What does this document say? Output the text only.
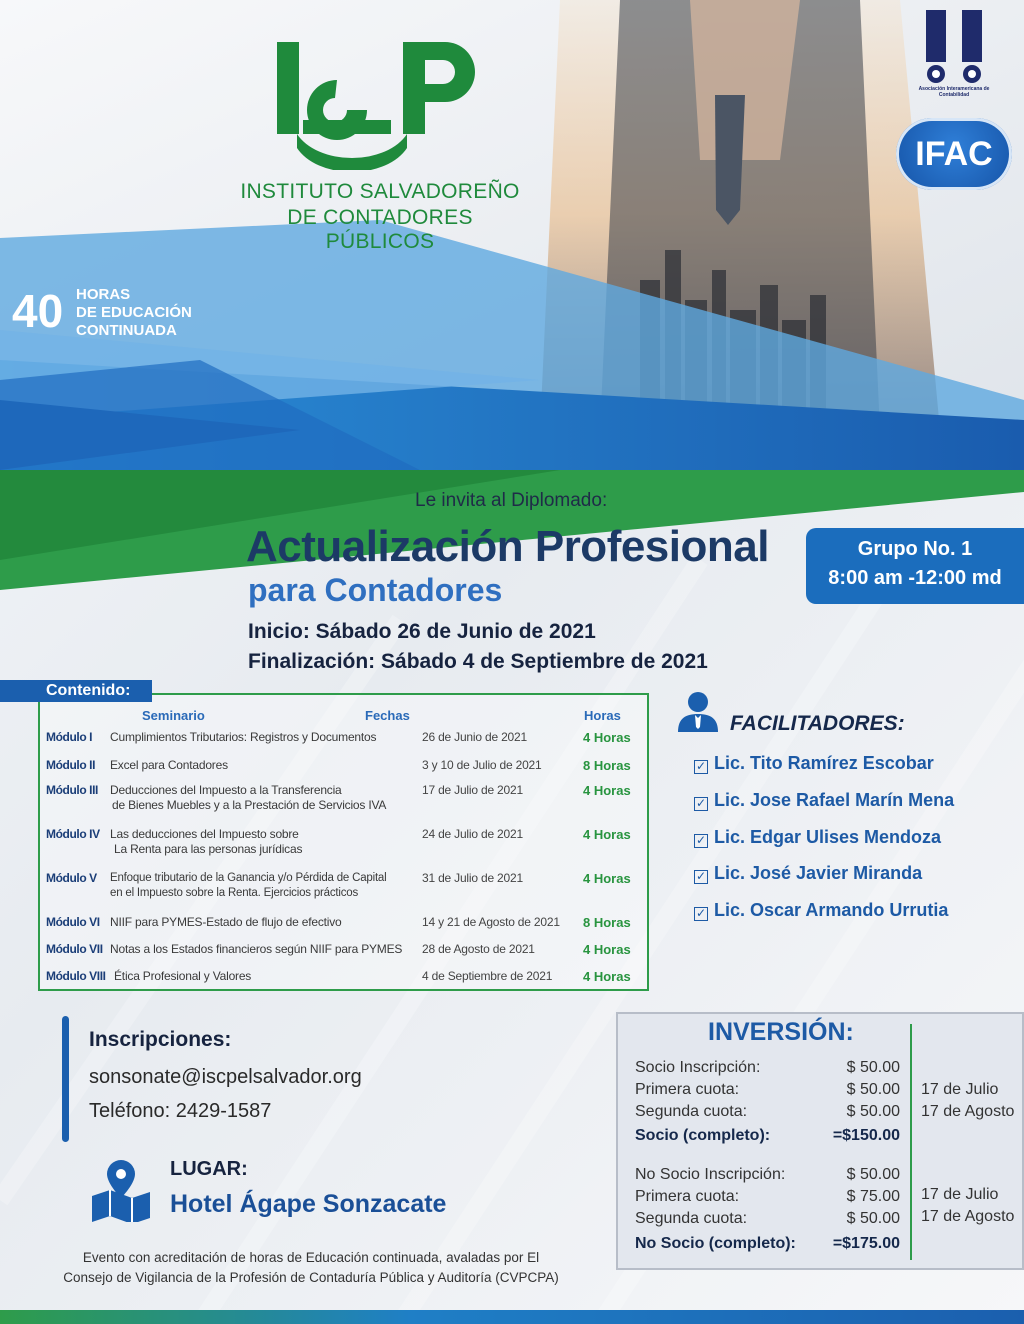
INSTITUTO SALVADOREÑO
DE CONTADORES PÚBLICOS
Asociación Interamericana de Contabilidad
IFAC
40 HORAS
DE EDUCACIÓN
CONTINUADA
Le invita al Diplomado:
Actualización Profesional
para Contadores
Inicio: Sábado 26 de Junio de 2021
Finalización: Sábado 4 de Septiembre de 2021
Grupo No. 1
8:00 am -12:00 md
Contenido:
Seminario	Fechas	Horas
Módulo I Cumplimientos Tributarios: Registros y Documentos	26 de Junio de 2021	4 Horas
Módulo II Excel para Contadores	3 y 10 de Julio de 2021	8 Horas
Módulo III Deducciones del Impuesto a la Transferencia
de Bienes Muebles y a la Prestación de Servicios IVA
17 de Julio de 2021	4 Horas
Módulo IV Las deducciones del Impuesto sobre
La Renta para las personas jurídicas
24 de Julio de 2021	4 Horas
Módulo V Enfoque tributario de la Ganancia y/o Pérdida de Capital
en el Impuesto sobre la Renta. Ejercicios prácticos
31 de Julio de 2021	4 Horas
Módulo VI NIIF para PYMES-Estado de flujo de efectivo	14 y 21 de Agosto de 2021	8 Horas
Módulo VII Notas a los Estados financieros según NIIF para PYMES	28 de Agosto de 2021	4 Horas
Módulo VIII Ética Profesional y Valores	4 de Septiembre de 2021	4 Horas
FACILITADORES:
✓ Lic. Tito Ramírez Escobar
✓ Lic. Jose Rafael Marín Mena
✓ Lic. Edgar Ulises Mendoza
✓ Lic. José Javier Miranda
✓ Lic. Oscar Armando Urrutia
Inscripciones:
sonsonate@iscpelsalvador.org
Teléfono: 2429-1587
LUGAR:
Hotel Ágape Sonzacate
Evento con acreditación de horas de Educación continuada, avaladas por El
Consejo de Vigilancia de la Profesión de Contaduría Pública y Auditoría (CVPCPA)
INVERSIÓN:
Socio Inscripción:	$ 50.00
Primera cuota:	$ 50.00 17 de Julio
Segunda cuota:	$ 50.00 17 de Agosto
Socio (completo):	=$150.00
No Socio Inscripción:	$ 50.00
Primera cuota:	$ 75.00 17 de Julio
Segunda cuota:	$ 50.00 17 de Agosto
No Socio (completo):	=$175.00
